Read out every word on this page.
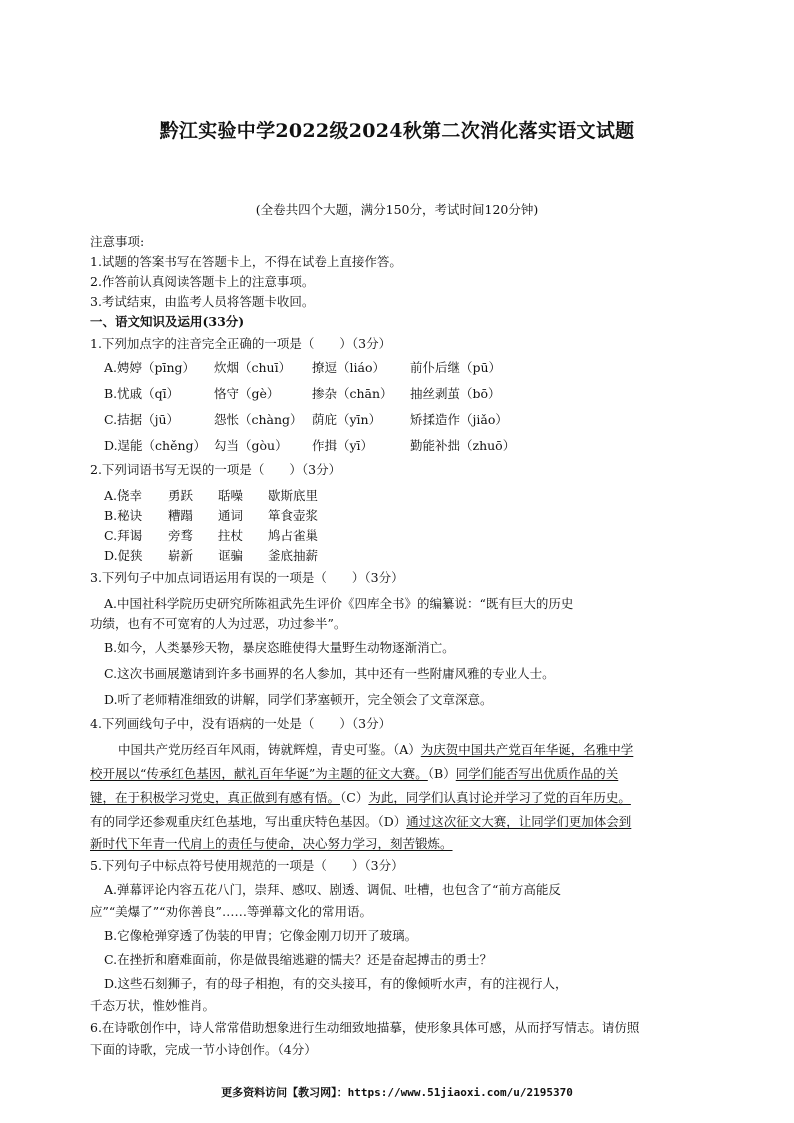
黔江实验中学2022级2024秋第二次消化落实语文试题
(全卷共四个大题，满分150分，考试时间120分钟)
注意事项:
1.试题的答案书写在答题卡上，不得在试卷上直接作答。
2.作答前认真阅读答题卡上的注意事项。
3.考试结束，由监考人员将答题卡收回。
一、语文知识及运用(33分)
1.下列加点字的注音完全正确的一项是（　　）（3分）
A.娉婷（pīng） 炊烟（chuī） 撩逗（liáo） 前仆后继（pū）
B.忧戚（qī）	恪守（gè）	掺杂（chān） 抽丝剥茧（bō）
C.拮据（jū）	怨怅（chàng） 荫庇（yīn） 矫揉造作（jiǎo）
D.逞能（chěng） 勾当（gòu） 作揖（yī）	勤能补拙（zhuō）
2.下列词语书写无误的一项是（　　）（3分）
A.侥幸 勇跃 聒噪 歇斯底里
B.秘诀 糟蹋 通词 箪食壶浆
C.拜谒 旁骛 拄杖 鸠占雀巢
D.促狭 崭新 诓骗 釜底抽薪
3.下列句子中加点词语运用有误的一项是（　　）（3分）
A.中国社科学院历史研究所陈祖武先生评价《四库全书》的编纂说：“既有巨大的历史
功绩，也有不可宽宥的人为过恶，功过参半”。
B.如今，人类暴殄天物，暴戾恣睢使得大量野生动物逐渐消亡。
C.这次书画展邀请到许多书画界的名人参加，其中还有一些附庸风雅的专业人士。
D.听了老师精准细致的讲解，同学们茅塞顿开，完全领会了文章深意。
4.下列画线句子中，没有语病的一处是（　　）（3分）
中国共产党历经百年风雨，铸就辉煌，青史可鉴。（A）为庆贺中国共产党百年华诞，名雅中学
校开展以“传承红色基因，献礼百年华诞”为主题的征文大赛。（B）同学们能否写出优质作品的关
键，在于积极学习党史，真正做到有感有悟。（C）为此，同学们认真讨论并学习了党的百年历史。
有的同学还参观重庆红色基地，写出重庆特色基因。（D）通过这次征文大赛，让同学们更加体会到
新时代下年青一代肩上的责任与使命，决心努力学习，刻苦锻炼。
5.下列句子中标点符号使用规范的一项是（　　）（3分）
A.弹幕评论内容五花八门，崇拜、感叹、剧透、调侃、吐槽，也包含了“前方高能反
应”“美爆了”“劝你善良”……等弹幕文化的常用语。
B.它像枪弹穿透了伪装的甲胄；它像金刚刀切开了玻璃。
C.在挫折和磨难面前，你是做畏缩逃避的懦夫？还是奋起搏击的勇士？
D.这些石刻狮子，有的母子相抱，有的交头接耳，有的像倾听水声，有的注视行人，
千态万状，惟妙惟肖。
6.在诗歌创作中，诗人常常借助想象进行生动细致地描摹，使形象具体可感，从而抒写情志。请仿照
下面的诗歌，完成一节小诗创作。（4分）
更多资料访问【教习网】：https://www.51jiaoxi.com/u/2195370
